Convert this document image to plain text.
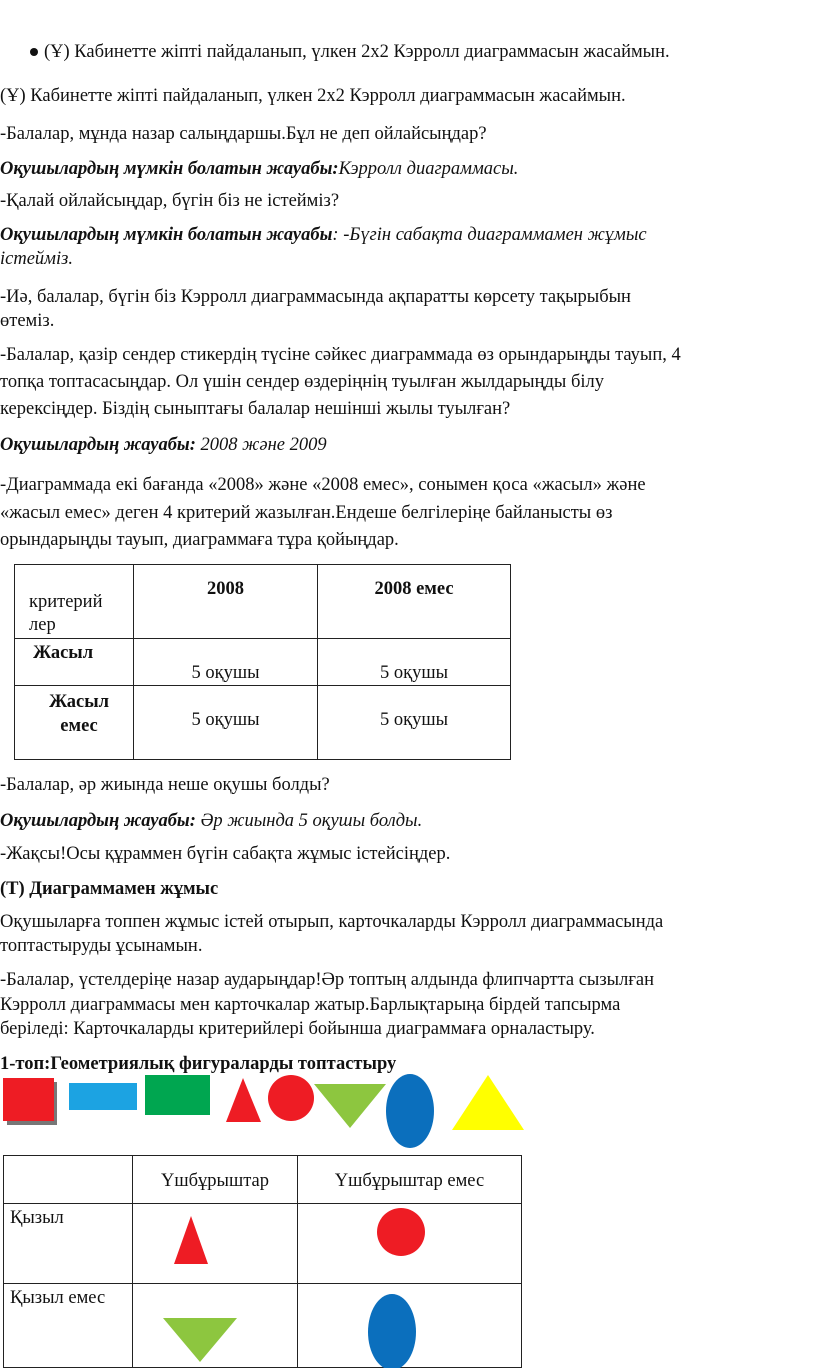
(Ұ) Кабинетте жіпті пайдаланып, үлкен 2х2 Кэрролл диаграммасын жасаймын.
(Ұ) Кабинетте жіпті пайдаланып, үлкен 2х2 Кэрролл диаграммасын жасаймын.
-Балалар, мұнда назар салыңдаршы.Бұл не деп ойлайсыңдар?
Оқушылардың мүмкін болатын жауабы:Кэрролл диаграммасы.
-Қалай ойлайсыңдар, бүгін біз не істейміз?
Оқушылардың мүмкін болатын жауабы: -Бүгін сабақта диаграммамен жұмыс
істейміз.
-Иә, балалар, бүгін біз Кэрролл диаграммасында ақпаратты көрсету тақырыбын
өтеміз.
-Балалар, қазір сендер стикердің түсіне сәйкес диаграммада өз орындарыңды тауып, 4
топқа топтасасыңдар. Ол үшін сендер өздеріңнің туылған жылдарыңды білу
керексіңдер. Біздің сыныптағы балалар нешінші жылы туылған?
Оқушылардың жауабы: 2008 және 2009
-Диаграммада екі бағанда «2008» және «2008 емес», сонымен қоса «жасыл» және
«жасыл емес» деген 4 критерий жазылған.Ендеше белгілеріңе байланысты өз
орындарыңды тауып, диаграммаға тұра қойыңдар.
критерий лер	2008	2008 емес
Жасыл	5 оқушы	5 оқушы
Жасыл емес	5 оқушы	5 оқушы
-Балалар, әр жиында неше оқушы болды?
Оқушылардың жауабы: Әр жиында 5 оқушы болды.
-Жақсы!Осы құраммен бүгін сабақта жұмыс істейсіңдер.
(Т) Диаграммамен жұмыс
Оқушыларға топпен жұмыс істей отырып, карточкаларды Кэрролл диаграммасында
топтастыруды ұсынамын.
-Балалар, үстелдеріңе назар аударыңдар!Әр топтың алдында флипчартта сызылған
Кэрролл диаграммасы мен карточкалар жатыр.Барлықтарыңа бірдей тапсырма
беріледі: Карточкаларды критерийлері бойынша диаграммаға орналастыру.
1-топ:Геометриялық фигураларды топтастыру
	Үшбұрыштар	Үшбұрыштар емес
Қызыл	

Қызыл емес	
